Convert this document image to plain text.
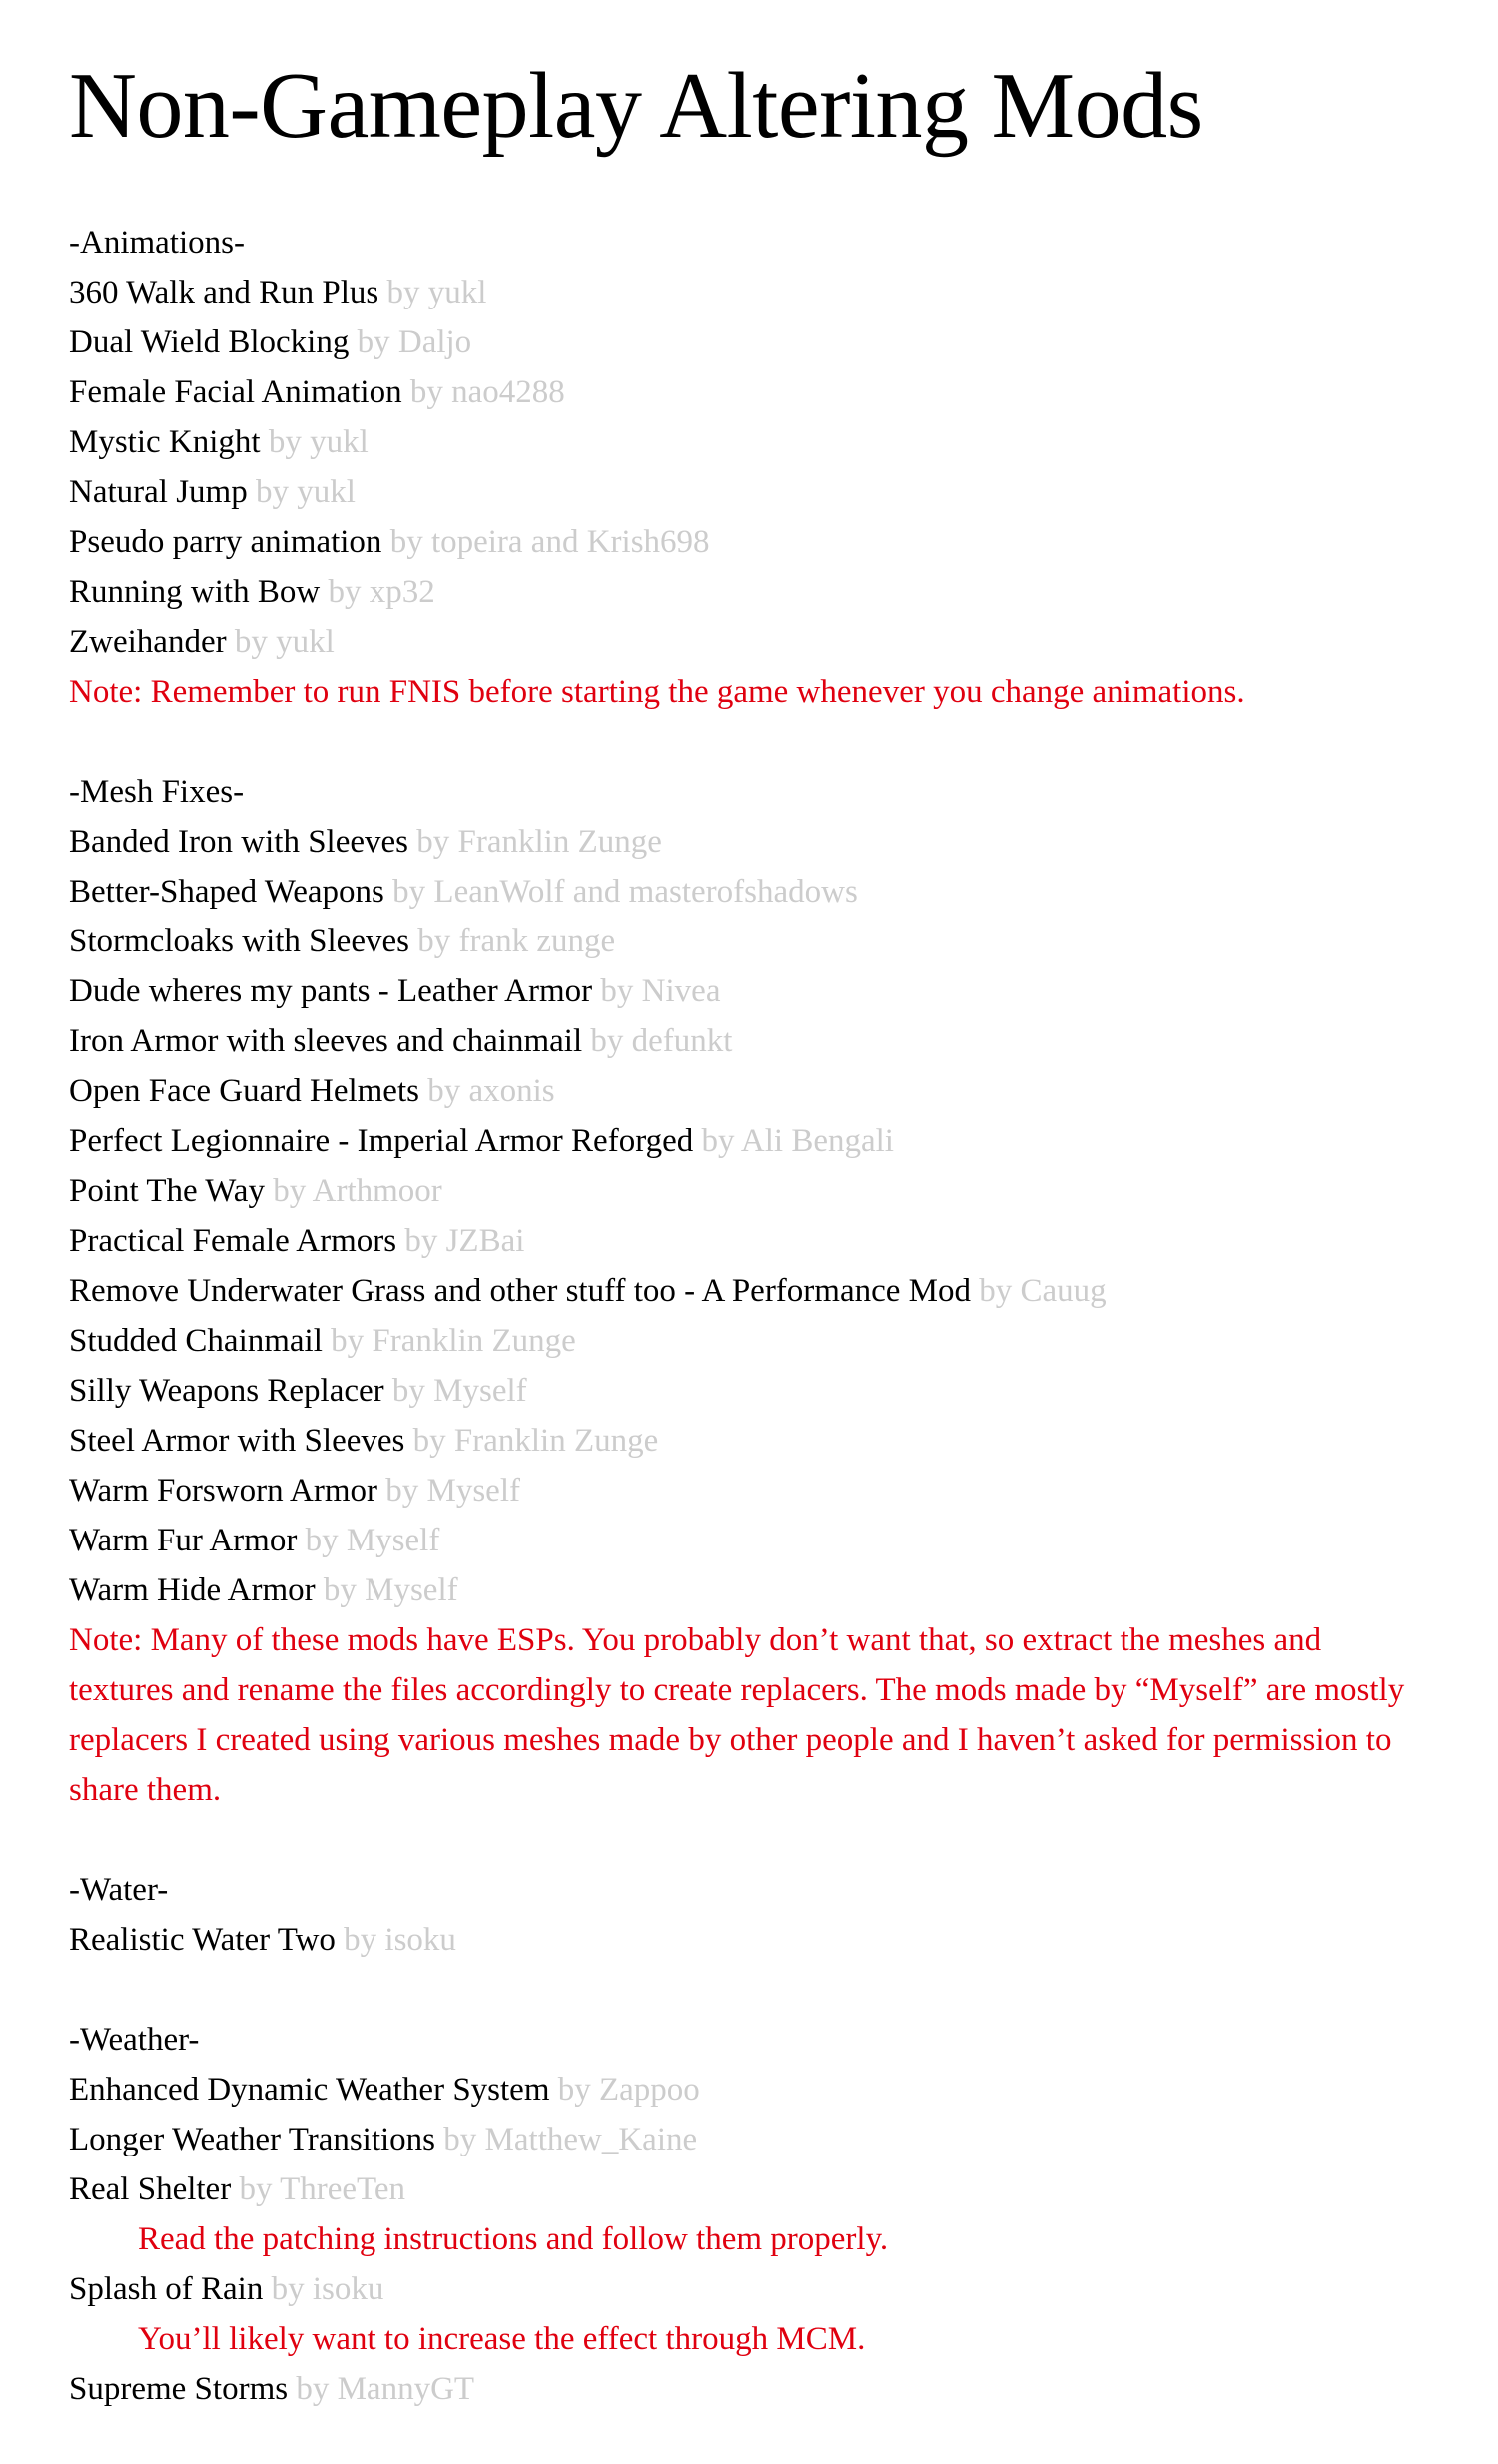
Non-Gameplay Altering Mods
-Animations-
360 Walk and Run Plus by yukl
Dual Wield Blocking by Daljo
Female Facial Animation by nao4288
Mystic Knight by yukl
Natural Jump by yukl
Pseudo parry animation by topeira and Krish698
Running with Bow by xp32
Zweihander by yukl
Note: Remember to run FNIS before starting the game whenever you change animations.
-Mesh Fixes-
Banded Iron with Sleeves by Franklin Zunge
Better-Shaped Weapons by LeanWolf and masterofshadows
Stormcloaks with Sleeves by frank zunge
Dude wheres my pants - Leather Armor by Nivea
Iron Armor with sleeves and chainmail by defunkt
Open Face Guard Helmets by axonis
Perfect Legionnaire - Imperial Armor Reforged by Ali Bengali
Point The Way by Arthmoor
Practical Female Armors by JZBai
Remove Underwater Grass and other stuff too - A Performance Mod by Cauug
Studded Chainmail by Franklin Zunge
Silly Weapons Replacer by Myself
Steel Armor with Sleeves by Franklin Zunge
Warm Forsworn Armor by Myself
Warm Fur Armor by Myself
Warm Hide Armor by Myself
Note: Many of these mods have ESPs. You probably don’t want that, so extract the meshes and
textures and rename the files accordingly to create replacers. The mods made by “Myself” are mostly
replacers I created using various meshes made by other people and I haven’t asked for permission to
share them.
-Water-
Realistic Water Two by isoku
-Weather-
Enhanced Dynamic Weather System by Zappoo
Longer Weather Transitions by Matthew_Kaine
Real Shelter by ThreeTen
Read the patching instructions and follow them properly.
Splash of Rain by isoku
You’ll likely want to increase the effect through MCM.
Supreme Storms by MannyGT
